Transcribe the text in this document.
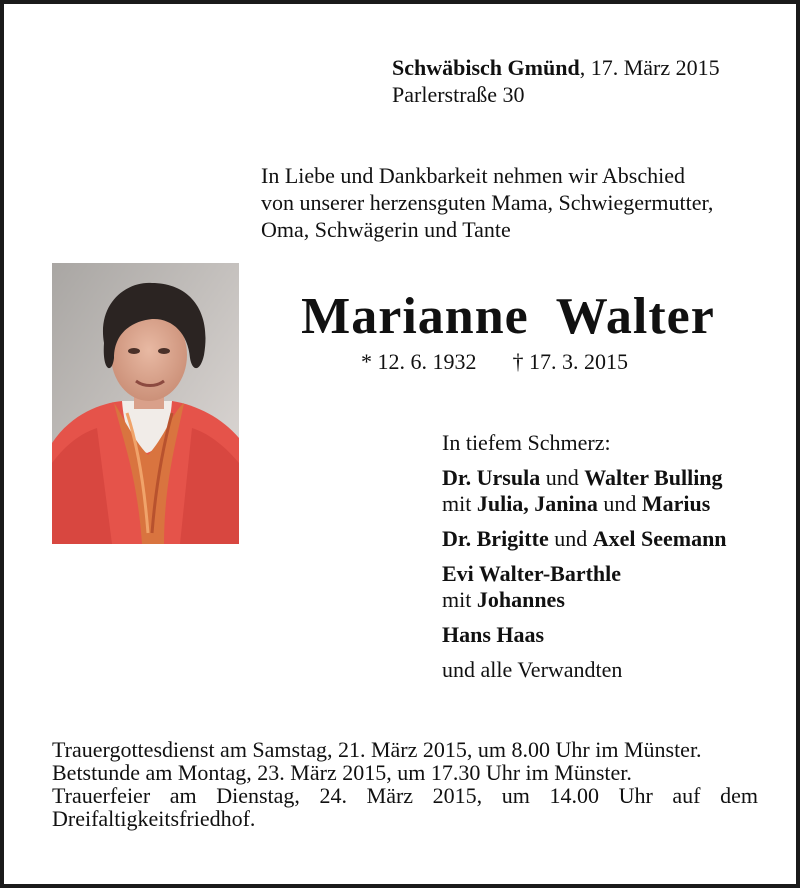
Schwäbisch Gmünd, 17. März 2015
Parlerstraße 30
In Liebe und Dankbarkeit nehmen wir Abschied
von unserer herzensguten Mama, Schwiegermutter,
Oma, Schwägerin und Tante
Marianne Walter
* 12. 6. 1932 † 17. 3. 2015
In tiefem Schmerz:
Dr. Ursula und Walter Bulling
mit Julia, Janina und Marius
Dr. Brigitte und Axel Seemann
Evi Walter-Barthle
mit Johannes
Hans Haas
und alle Verwandten
Trauergottesdienst am Samstag, 21. März 2015, um 8.00 Uhr im Münster.
Betstunde am Montag, 23. März 2015, um 17.30 Uhr im Münster.
Trauerfeier am Dienstag, 24. März 2015, um 14.00 Uhr auf dem
Dreifaltigkeitsfriedhof.
